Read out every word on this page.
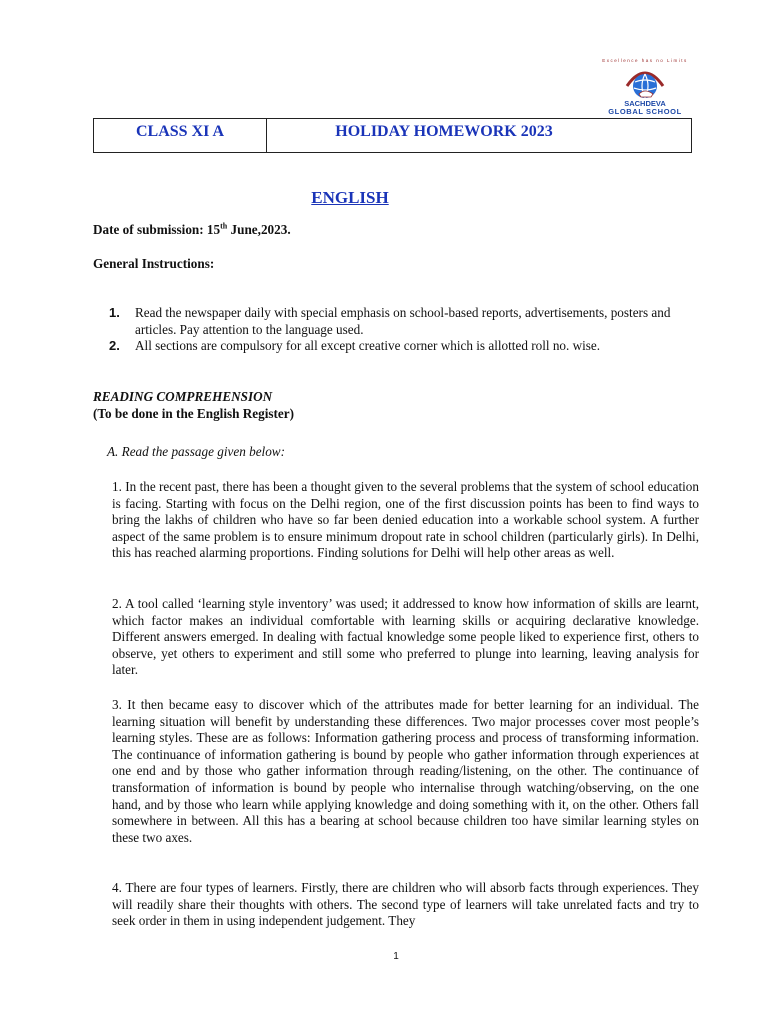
Excellence has no Limits
SACHDEVA
GLOBAL SCHOOL
CLASS XI A	HOLIDAY HOMEWORK 2023
ENGLISH
Date of submission: 15th June,2023.
General Instructions:
1.	Read the newspaper daily with special emphasis on school-based reports, advertisements, posters and articles. Pay attention to the language used.
2.	All sections are compulsory for all except creative corner which is allotted roll no. wise.
READING COMPREHENSION
(To be done in the English Register)
A. Read the passage given below:
1. In the recent past, there has been a thought given to the several problems that the system of school education is facing. Starting with focus on the Delhi region, one of the first discussion points has been to find ways to bring the lakhs of children who have so far been denied education into a workable school system. A further aspect of the same problem is to ensure minimum dropout rate in school children (particularly girls). In Delhi, this has reached alarming proportions. Finding solutions for Delhi will help other areas as well.
2. A tool called ‘learning style inventory’ was used; it addressed to know how information of skills are learnt, which factor makes an individual comfortable with learning skills or acquiring declarative knowledge. Different answers emerged. In dealing with factual knowledge some people liked to experience first, others to observe, yet others to experiment and still some who preferred to plunge into learning, leaving analysis for later.
3. It then became easy to discover which of the attributes made for better learning for an individual. The learning situation will benefit by understanding these differences. Two major processes cover most people’s learning styles. These are as follows: Information gathering process and process of transforming information. The continuance of information gathering is bound by people who gather information through experiences at one end and by those who gather information through reading/listening, on the other. The continuance of transformation of information is bound by people who internalise through watching/observing, on the one hand, and by those who learn while applying knowledge and doing something with it, on the other. Others fall somewhere in between. All this has a bearing at school because children too have similar learning styles on these two axes.
4. There are four types of learners. Firstly, there are children who will absorb facts through experiences. They will readily share their thoughts with others. The second type of learners will take unrelated facts and try to seek order in them in using independent judgement. They
1
